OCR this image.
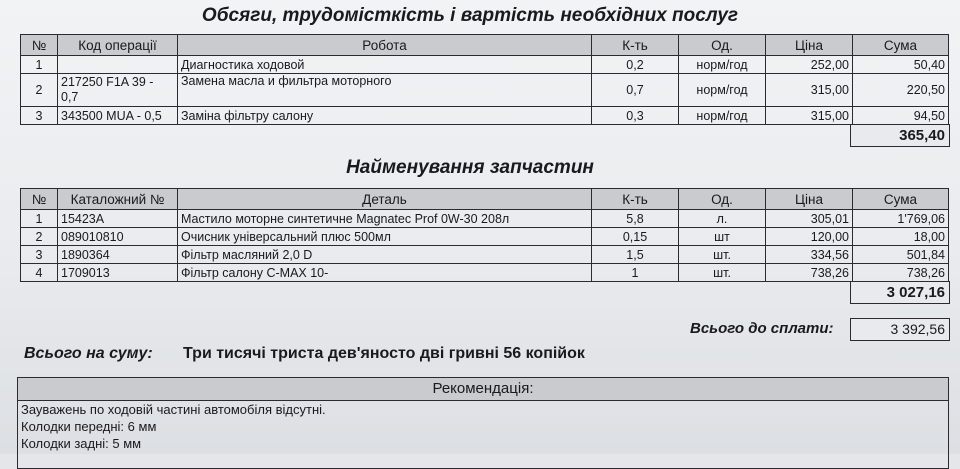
Обсяги, трудомісткість і вартість необхідних послуг
№	Код операції	Робота	К-ть	Од.	Ціна	Сума
1		Диагностика ходовой	0,2	норм/год	252,00	50,40
2	217250 F1A 39 - 0,7	Замена масла и фильтра моторного	0,7	норм/год	315,00	220,50
3	343500 MUA - 0,5	Заміна фільтру салону	0,3	норм/год	315,00	94,50
365,40
Найменування запчастин
№	Каталожний №	Деталь	К-ть	Од.	Ціна	Сума
1	15423A	Мастило моторне синтетичне Magnatec Prof 0W-30 208л	5,8	л.	305,01	1'769,06
2	089010810	Очисник універсальний плюс 500мл	0,15	шт	120,00	18,00
3	1890364	Фільтр масляний 2,0 D	1,5	шт.	334,56	501,84
4	1709013	Фільтр салону C-MAX 10-	1	шт.	738,26	738,26
3 027,16
Всього до сплати:	3 392,56
Всього на суму: Три тисячі триста дев'яносто дві гривні 56 копійок
Рекомендація:
Зауважень по ходовій частині автомобіля відсутні.
Колодки передні: 6 мм
Колодки задні: 5 мм
